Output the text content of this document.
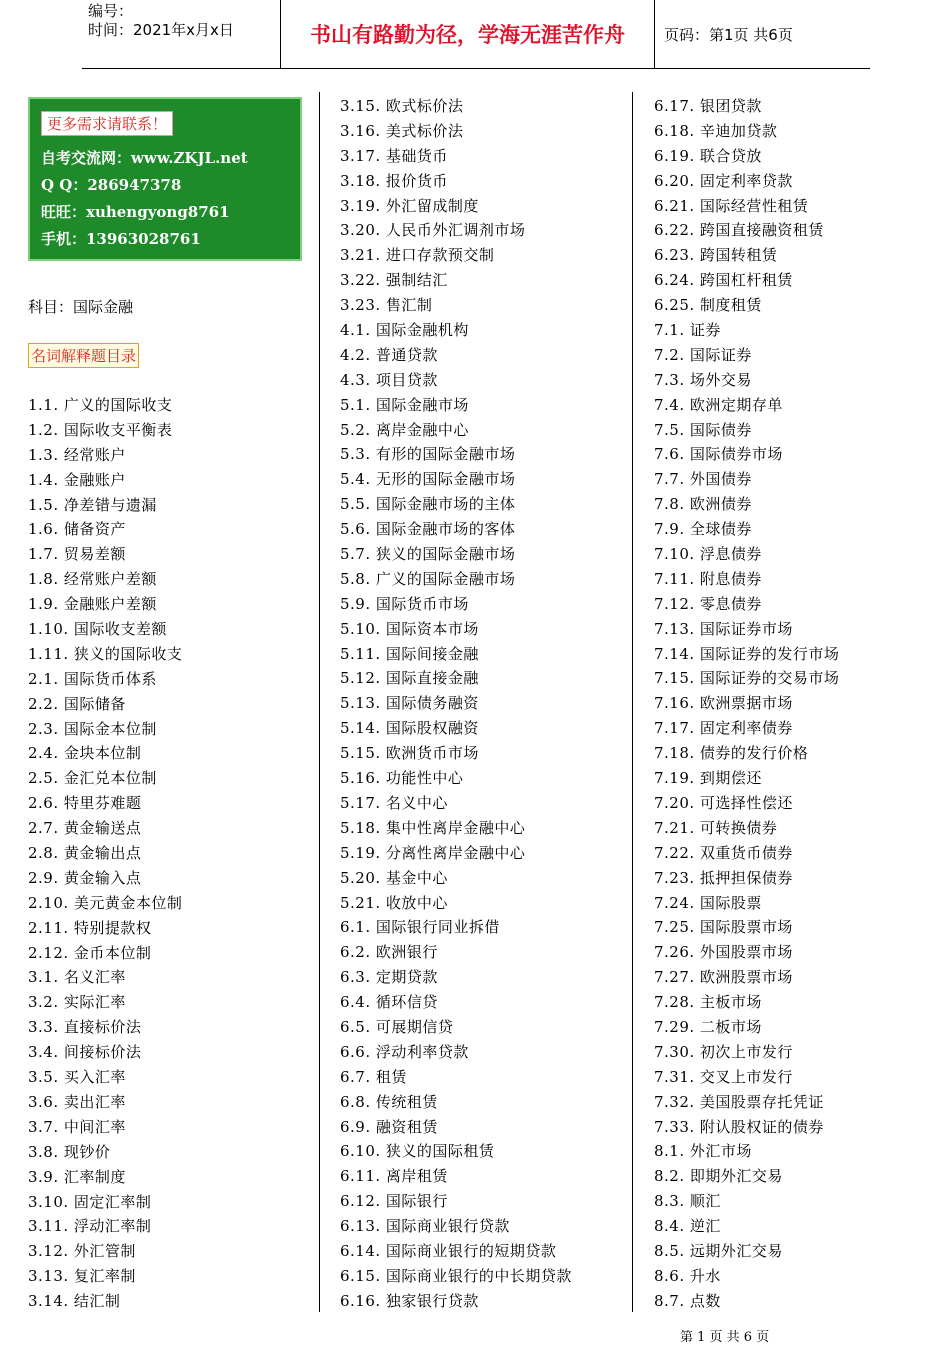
编号：
时间：2021年x月x日	书山有路勤为径，学海无涯苦作舟	页码：第1页 共6页
更多需求请联系！
自考交流网：www.ZKJL.net
Q Q：286947378
旺旺：xuhengyong8761
手机：13963028761
科目：国际金融
名词解释题目录
1.1. 广义的国际收支
1.2. 国际收支平衡表
1.3. 经常账户
1.4. 金融账户
1.5. 净差错与遗漏
1.6. 储备资产
1.7. 贸易差额
1.8. 经常账户差额
1.9. 金融账户差额
1.10. 国际收支差额
1.11. 狭义的国际收支
2.1. 国际货币体系
2.2. 国际储备
2.3. 国际金本位制
2.4. 金块本位制
2.5. 金汇兑本位制
2.6. 特里芬难题
2.7. 黄金输送点
2.8. 黄金输出点
2.9. 黄金输入点
2.10. 美元黄金本位制
2.11. 特别提款权
2.12. 金币本位制
3.1. 名义汇率
3.2. 实际汇率
3.3. 直接标价法
3.4. 间接标价法
3.5. 买入汇率
3.6. 卖出汇率
3.7. 中间汇率
3.8. 现钞价
3.9. 汇率制度
3.10. 固定汇率制
3.11. 浮动汇率制
3.12. 外汇管制
3.13. 复汇率制
3.14. 结汇制
3.15. 欧式标价法
3.16. 美式标价法
3.17. 基础货币
3.18. 报价货币
3.19. 外汇留成制度
3.20. 人民币外汇调剂市场
3.21. 进口存款预交制
3.22. 强制结汇
3.23. 售汇制
4.1. 国际金融机构
4.2. 普通贷款
4.3. 项目贷款
5.1. 国际金融市场
5.2. 离岸金融中心
5.3. 有形的国际金融市场
5.4. 无形的国际金融市场
5.5. 国际金融市场的主体
5.6. 国际金融市场的客体
5.7. 狭义的国际金融市场
5.8. 广义的国际金融市场
5.9. 国际货币市场
5.10. 国际资本市场
5.11. 国际间接金融
5.12. 国际直接金融
5.13. 国际债务融资
5.14. 国际股权融资
5.15. 欧洲货币市场
5.16. 功能性中心
5.17. 名义中心
5.18. 集中性离岸金融中心
5.19. 分离性离岸金融中心
5.20. 基金中心
5.21. 收放中心
6.1. 国际银行同业拆借
6.2. 欧洲银行
6.3. 定期贷款
6.4. 循环信贷
6.5. 可展期信贷
6.6. 浮动利率贷款
6.7. 租赁
6.8. 传统租赁
6.9. 融资租赁
6.10. 狭义的国际租赁
6.11. 离岸租赁
6.12. 国际银行
6.13. 国际商业银行贷款
6.14. 国际商业银行的短期贷款
6.15. 国际商业银行的中长期贷款
6.16. 独家银行贷款
6.17. 银团贷款
6.18. 辛迪加贷款
6.19. 联合贷放
6.20. 固定利率贷款
6.21. 国际经营性租赁
6.22. 跨国直接融资租赁
6.23. 跨国转租赁
6.24. 跨国杠杆租赁
6.25. 制度租赁
7.1. 证券
7.2. 国际证券
7.3. 场外交易
7.4. 欧洲定期存单
7.5. 国际债券
7.6. 国际债券市场
7.7. 外国债券
7.8. 欧洲债券
7.9. 全球债券
7.10. 浮息债券
7.11. 附息债券
7.12. 零息债券
7.13. 国际证券市场
7.14. 国际证券的发行市场
7.15. 国际证券的交易市场
7.16. 欧洲票据市场
7.17. 固定利率债券
7.18. 债券的发行价格
7.19. 到期偿还
7.20. 可选择性偿还
7.21. 可转换债券
7.22. 双重货币债券
7.23. 抵押担保债券
7.24. 国际股票
7.25. 国际股票市场
7.26. 外国股票市场
7.27. 欧洲股票市场
7.28. 主板市场
7.29. 二板市场
7.30. 初次上市发行
7.31. 交叉上市发行
7.32. 美国股票存托凭证
7.33. 附认股权证的债券
8.1. 外汇市场
8.2. 即期外汇交易
8.3. 顺汇
8.4. 逆汇
8.5. 远期外汇交易
8.6. 升水
8.7. 点数
第 1 页 共 6 页
